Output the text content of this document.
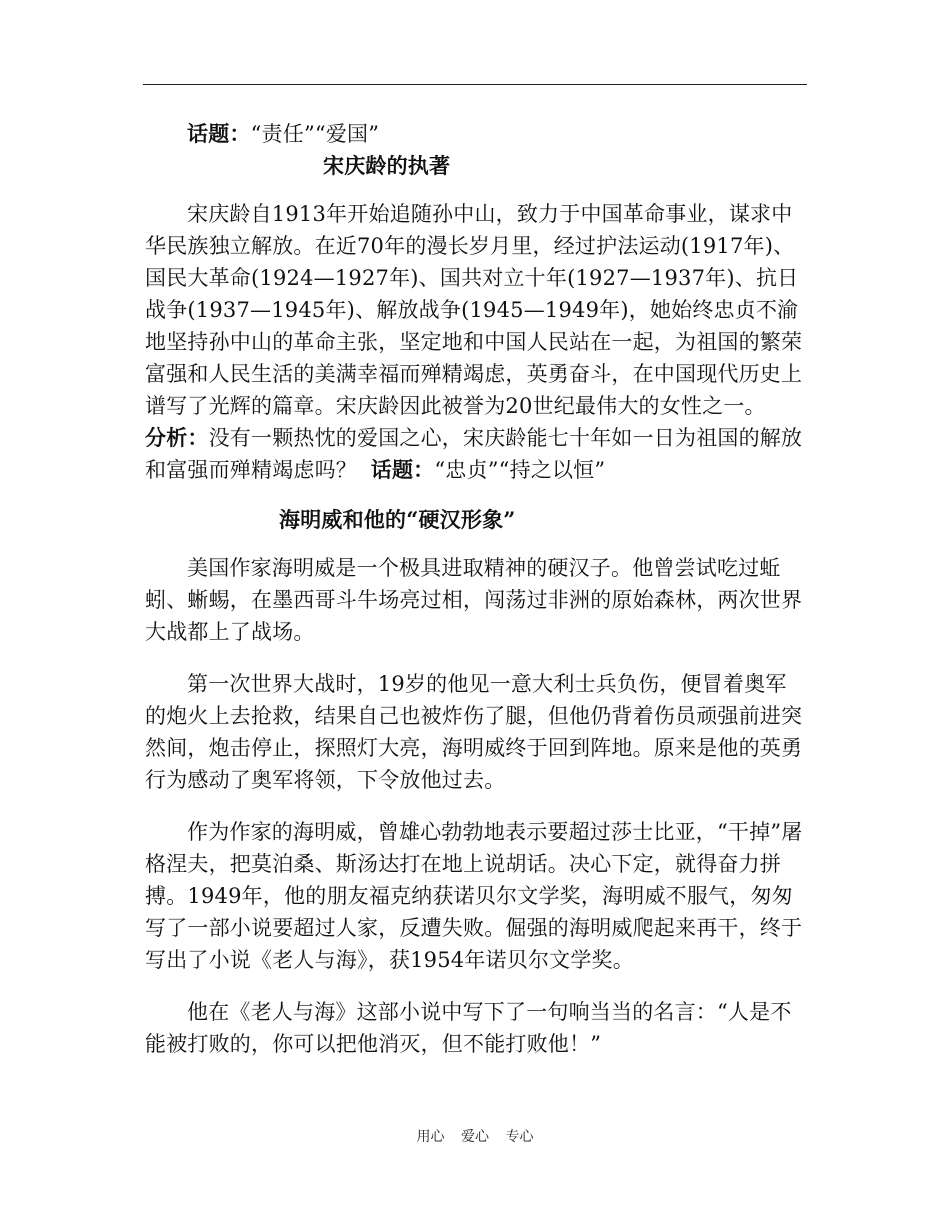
话题：“责任”“爱国”

宋庆龄的执著

宋庆龄自1913年开始追随孙中山，致力于中国革命事业，谋求中华民族独立解放。在近70年的漫长岁月里，经过护法运动(1917年)、国民大革命(1924—1927年)、国共对立十年(1927—1937年)、抗日战争(1937—1945年)、解放战争(1945—1949年)，她始终忠贞不渝地坚持孙中山的革命主张，坚定地和中国人民站在一起，为祖国的繁荣富强和人民生活的美满幸福而殚精竭虑，英勇奋斗，在中国现代历史上谱写了光辉的篇章。宋庆龄因此被誉为20世纪最伟大的女性之一。

分析：没有一颗热忱的爱国之心，宋庆龄能七十年如一日为祖国的解放和富强而殚精竭虑吗？ 话题：“忠贞”“持之以恒”

海明威和他的“硬汉形象”

美国作家海明威是一个极具进取精神的硬汉子。他曾尝试吃过蚯蚓、蜥蜴，在墨西哥斗牛场亮过相，闯荡过非洲的原始森林，两次世界大战都上了战场。

第一次世界大战时，19岁的他见一意大利士兵负伤，便冒着奥军的炮火上去抢救，结果自己也被炸伤了腿，但他仍背着伤员顽强前进突然间，炮击停止，探照灯大亮，海明威终于回到阵地。原来是他的英勇行为感动了奥军将领，下令放他过去。

作为作家的海明威，曾雄心勃勃地表示要超过莎士比亚，“干掉”屠格涅夫，把莫泊桑、斯汤达打在地上说胡话。决心下定，就得奋力拼搏。1949年，他的朋友福克纳获诺贝尔文学奖，海明威不服气，匆匆写了一部小说要超过人家，反遭失败。倔强的海明威爬起来再干，终于写出了小说《老人与海》，获1954年诺贝尔文学奖。

他在《老人与海》这部小说中写下了一句响当当的名言：“人是不能被打败的，你可以把他消灭，但不能打败他！”

用心 爱心 专心
